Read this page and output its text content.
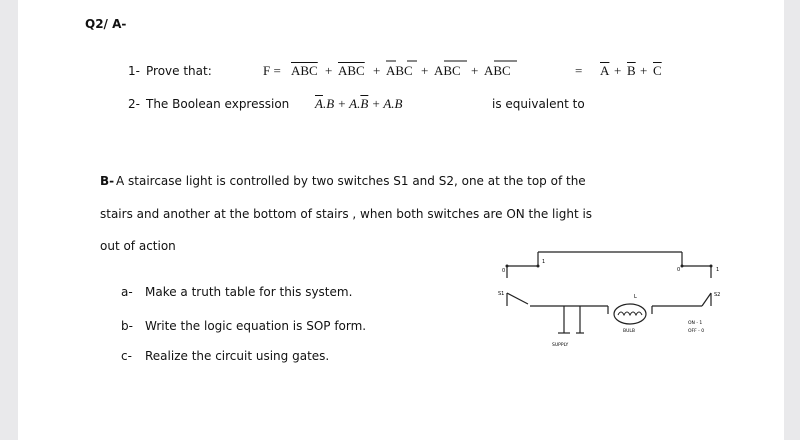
Q2/ A-
1- Prove that:	$F = \overline{ABC} + \overline{ABC}$ + ABC + ABC + ABC	= $\overline{A} + \overline{B} + \overline{C}$
2- The Boolean expression $\overline{A}.B + A.\overline{B} + A.B$	is equivalent to
B- A staircase light is controlled by two switches S1 and S2, one at the top of the
stairs and another at the bottom of stairs , when both switches are ON the light is
out of action
a- Make a truth table for this system.
b- Write the logic equation is SOP form.
c- Realize the circuit using gates.
0
1
0	1
S1	S2
L
BULB
SUPPLY
ON - 1
OFF - 0
